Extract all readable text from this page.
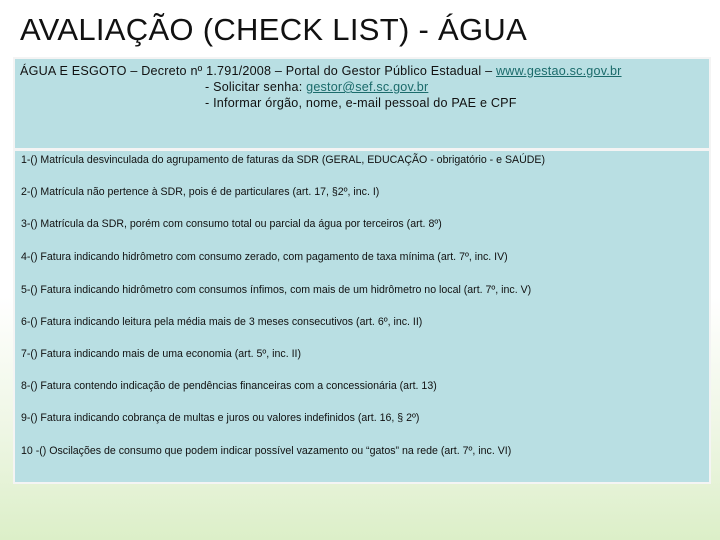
AVALIAÇÃO (CHECK LIST) - ÁGUA
ÁGUA E ESGOTO – Decreto nº 1.791/2008 – Portal do Gestor Público Estadual – www.gestao.sc.gov.br
- Solicitar senha: gestor@sef.sc.gov.br
- Informar órgão, nome, e-mail pessoal do PAE e CPF
1-() Matrícula desvinculada do agrupamento de faturas da SDR (GERAL, EDUCAÇÃO - obrigatório - e SAÚDE)
2-() Matrícula não pertence à SDR, pois é de particulares (art. 17, §2º, inc. I)
3-() Matrícula da SDR, porém com consumo total ou parcial da água por terceiros (art. 8º)
4-() Fatura indicando hidrômetro com consumo zerado, com pagamento de taxa mínima (art. 7º, inc. IV)
5-() Fatura indicando hidrômetro com consumos ínfimos, com mais de um hidrômetro no local (art. 7º, inc. V)
6-() Fatura indicando leitura pela média mais de 3 meses consecutivos (art. 6º, inc. II)
7-() Fatura indicando mais de uma economia (art. 5º, inc. II)
8-() Fatura contendo indicação de pendências financeiras com a concessionária (art. 13)
9-() Fatura indicando cobrança de multas e juros ou valores indefinidos (art. 16, § 2º)
10 -() Oscilações de consumo que podem indicar possível vazamento ou “gatos” na rede (art. 7º, inc. VI)
